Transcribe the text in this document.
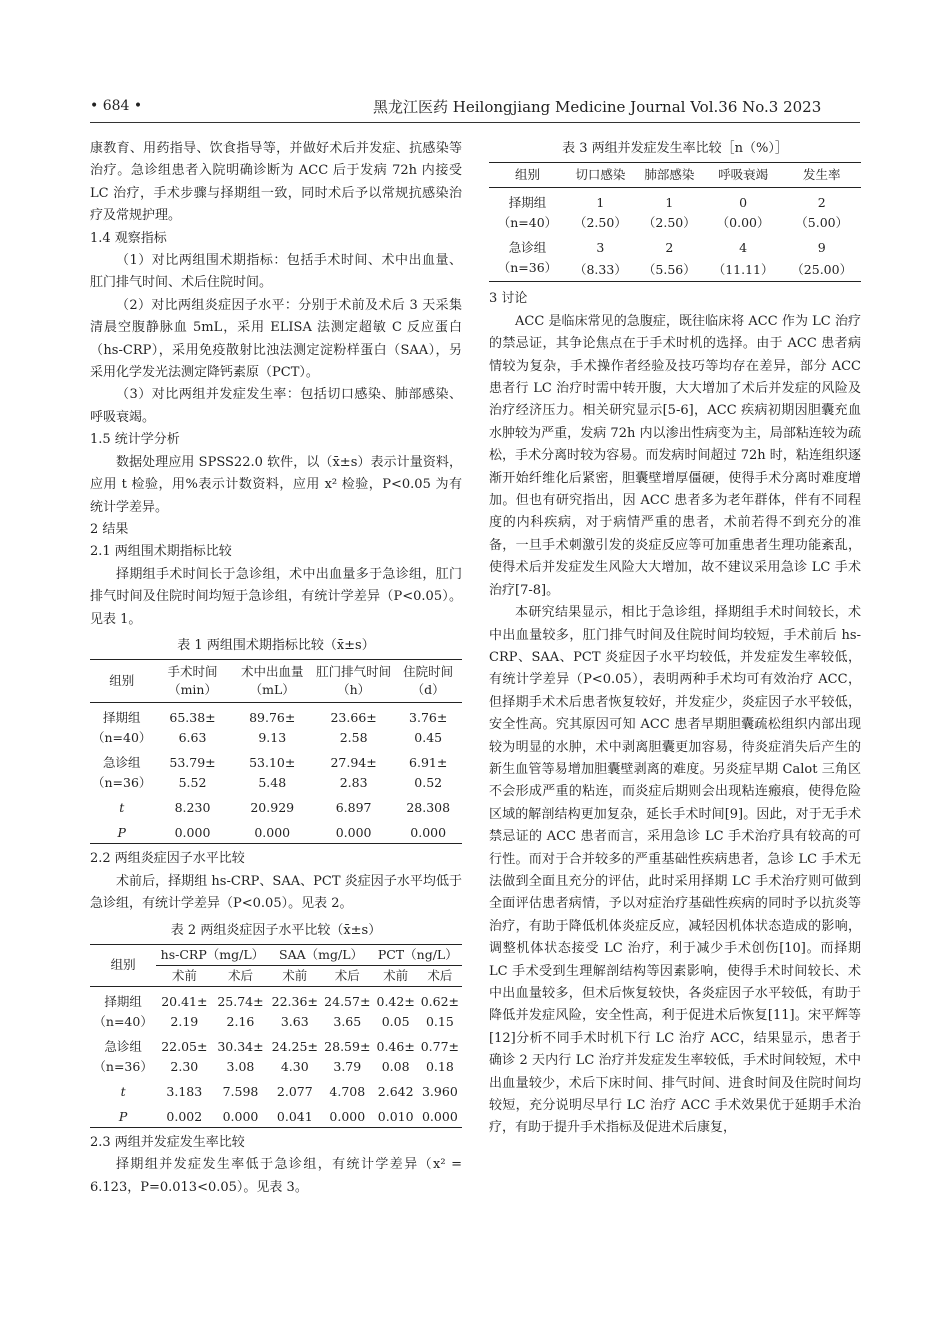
• 684 •	黑龙江医药 Heilongjiang Medicine Journal Vol.36 No.3 2023

康教育、用药指导、饮食指导等，并做好术后并发症、抗感染等治疗。急诊组患者入院明确诊断为 ACC 后于发病 72h 内接受 LC 治疗，手术步骤与择期组一致，同时术后予以常规抗感染治疗及常规护理。

1.4 观察指标

（1）对比两组围术期指标：包括手术时间、术中出血量、肛门排气时间、术后住院时间。

（2）对比两组炎症因子水平：分别于术前及术后 3 天采集清晨空腹静脉血 5mL，采用 ELISA 法测定超敏 C 反应蛋白（hs-CRP），采用免疫散射比浊法测定淀粉样蛋白（SAA），另采用化学发光法测定降钙素原（PCT）。

（3）对比两组并发症发生率：包括切口感染、肺部感染、呼吸衰竭。

1.5 统计学分析

数据处理应用 SPSS22.0 软件，以（x̄±s）表示计量资料，应用 t 检验，用%表示计数资料，应用 x² 检验，P<0.05 为有统计学差异。

2 结果

2.1 两组围术期指标比较

择期组手术时间长于急诊组，术中出血量多于急诊组，肛门排气时间及住院时间均短于急诊组，有统计学差异（P<0.05）。见表 1。

表 1 两组围术期指标比较（x̄±s）
组别	手术时间（min）	术中出血量（mL）	肛门排气时间（h）	住院时间（d）
择期组	65.38±	89.76±	23.66±	3.76±
（n=40）	6.63	9.13	2.58	0.45
急诊组	53.79±	53.10±	27.94±	6.91±
（n=36）	5.52	5.48	2.83	0.52
t	8.230	20.929	6.897	28.308
P	0.000	0.000	0.000	0.000

2.2 两组炎症因子水平比较

术前后，择期组 hs-CRP、SAA、PCT 炎症因子水平均低于急诊组，有统计学差异（P<0.05）。见表 2。

表 2 两组炎症因子水平比较（x̄±s）
组别	hs-CRP（mg/L）		SAA（mg/L）		PCT（ng/L）	
	术前	术后	术前	术后	术前	术后
择期组	20.41±	25.74±	22.36±	24.57±	0.42±	0.62±
（n=40）	2.19	2.16	3.63	3.65	0.05	0.15
急诊组	22.05±	30.34±	24.25±	28.59±	0.46±	0.77±
（n=36）	2.30	3.08	4.30	3.79	0.08	0.18
t	3.183	7.598	2.077	4.708	2.642	3.960
P	0.002	0.000	0.041	0.000	0.010	0.000

2.3 两组并发症发生率比较

择期组并发症发生率低于急诊组，有统计学差异（x² = 6.123，P=0.013<0.05）。见表 3。

表 3 两组并发症发生率比较［n（%）］
组别	切口感染	肺部感染	呼吸衰竭	发生率
择期组	1	1	0	2
（n=40）	（2.50）	（2.50）	（0.00）	（5.00）
急诊组	3	2	4	9
（n=36）	（8.33）	（5.56）	（11.11）	（25.00）

3 讨论

ACC 是临床常见的急腹症，既往临床将 ACC 作为 LC 治疗的禁忌证，其争论焦点在于手术时机的选择。由于 ACC 患者病情较为复杂，手术操作者经验及技巧等均存在差异，部分 ACC 患者行 LC 治疗时需中转开腹，大大增加了术后并发症的风险及治疗经济压力。相关研究显示[5-6]，ACC 疾病初期因胆囊充血水肿较为严重，发病 72h 内以渗出性病变为主，局部粘连较为疏松，手术分离时较为容易。而发病时间超过 72h 时，粘连组织逐渐开始纤维化后紧密，胆囊壁增厚僵硬，使得手术分离时难度增加。但也有研究指出，因 ACC 患者多为老年群体，伴有不同程度的内科疾病，对于病情严重的患者，术前若得不到充分的准备，一旦手术刺激引发的炎症反应等可加重患者生理功能紊乱，使得术后并发症发生风险大大增加，故不建议采用急诊 LC 手术治疗[7-8]。

本研究结果显示，相比于急诊组，择期组手术时间较长，术中出血量较多，肛门排气时间及住院时间均较短，手术前后 hs-CRP、SAA、PCT 炎症因子水平均较低，并发症发生率较低，有统计学差异（P<0.05），表明两种手术均可有效治疗 ACC，但择期手术术后患者恢复较好，并发症少，炎症因子水平较低，安全性高。究其原因可知 ACC 患者早期胆囊疏松组织内部出现较为明显的水肿，术中剥离胆囊更加容易，待炎症消失后产生的新生血管等易增加胆囊壁剥离的难度。另炎症早期 Calot 三角区不会形成严重的粘连，而炎症后期则会出现粘连瘢痕，使得危险区域的解剖结构更加复杂，延长手术时间[9]。因此，对于无手术禁忌证的 ACC 患者而言，采用急诊 LC 手术治疗具有较高的可行性。而对于合并较多的严重基础性疾病患者，急诊 LC 手术无法做到全面且充分的评估，此时采用择期 LC 手术治疗则可做到全面评估患者病情，予以对症治疗基础性疾病的同时予以抗炎等治疗，有助于降低机体炎症反应，减轻因机体状态造成的影响，调整机体状态接受 LC 治疗，利于减少手术创伤[10]。而择期 LC 手术受到生理解剖结构等因素影响，使得手术时间较长、术中出血量较多，但术后恢复较快，各炎症因子水平较低，有助于降低并发症风险，安全性高，利于促进术后恢复[11]。宋平辉等[12]分析不同手术时机下行 LC 治疗 ACC，结果显示，患者于确诊 2 天内行 LC 治疗并发症发生率较低，手术时间较短，术中出血量较少，术后下床时间、排气时间、进食时间及住院时间均较短，充分说明尽早行 LC 治疗 ACC 手术效果优于延期手术治疗，有助于提升手术指标及促进术后康复，
